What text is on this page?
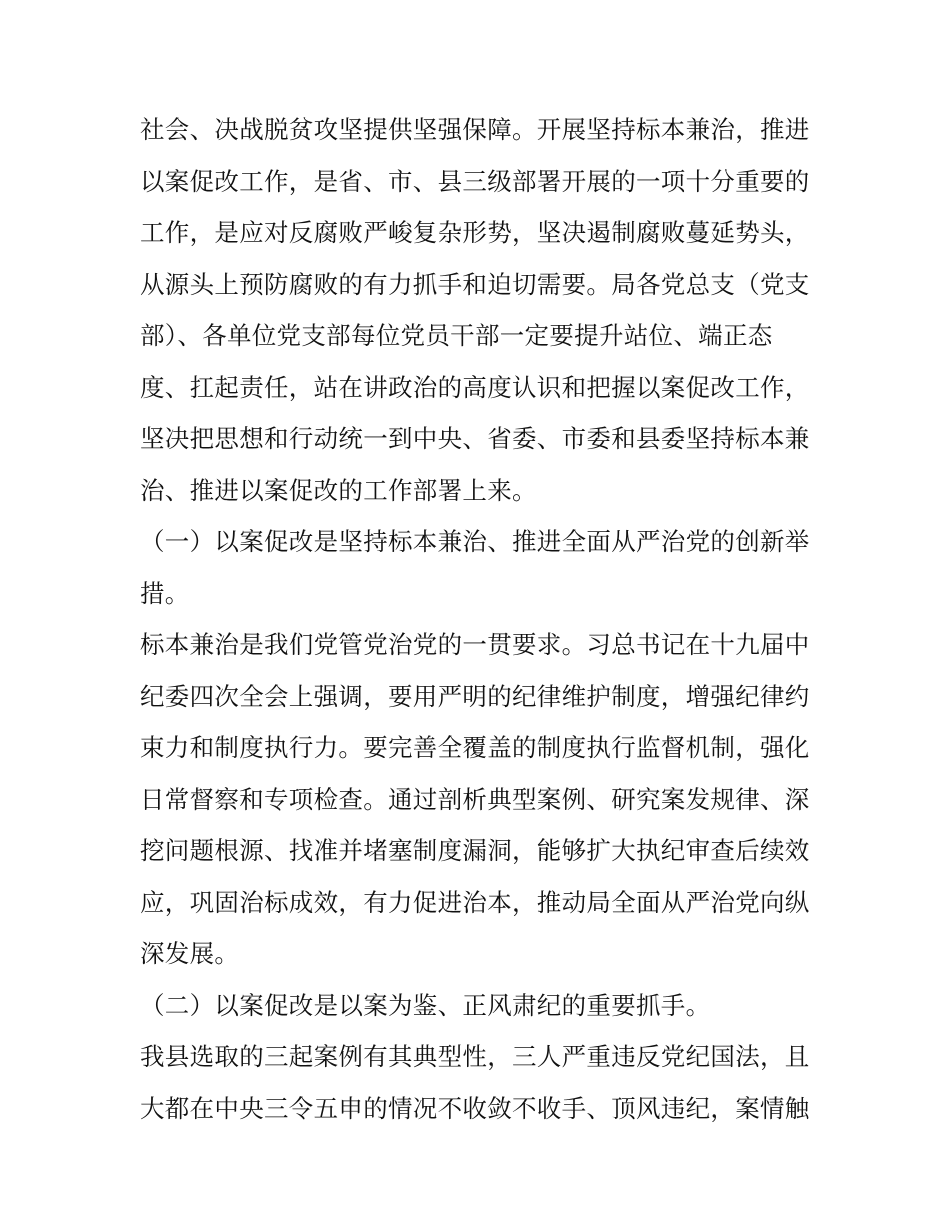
社会、决战脱贫攻坚提供坚强保障。开展坚持标本兼治，推进
以案促改工作，是省、市、县三级部署开展的一项十分重要的
工作，是应对反腐败严峻复杂形势，坚决遏制腐败蔓延势头，
从源头上预防腐败的有力抓手和迫切需要。局各党总支（党支
部）、各单位党支部每位党员干部一定要提升站位、端正态
度、扛起责任，站在讲政治的高度认识和把握以案促改工作，
坚决把思想和行动统一到中央、省委、市委和县委坚持标本兼
治、推进以案促改的工作部署上来。
（一）以案促改是坚持标本兼治、推进全面从严治党的创新举
措。
标本兼治是我们党管党治党的一贯要求。习总书记在十九届中
纪委四次全会上强调，要用严明的纪律维护制度，增强纪律约
束力和制度执行力。要完善全覆盖的制度执行监督机制，强化
日常督察和专项检查。通过剖析典型案例、研究案发规律、深
挖问题根源、找准并堵塞制度漏洞，能够扩大执纪审查后续效
应，巩固治标成效，有力促进治本，推动局全面从严治党向纵
深发展。
（二）以案促改是以案为鉴、正风肃纪的重要抓手。
我县选取的三起案例有其典型性，三人严重违反党纪国法，且
大都在中央三令五申的情况不收敛不收手、顶风违纪，案情触
